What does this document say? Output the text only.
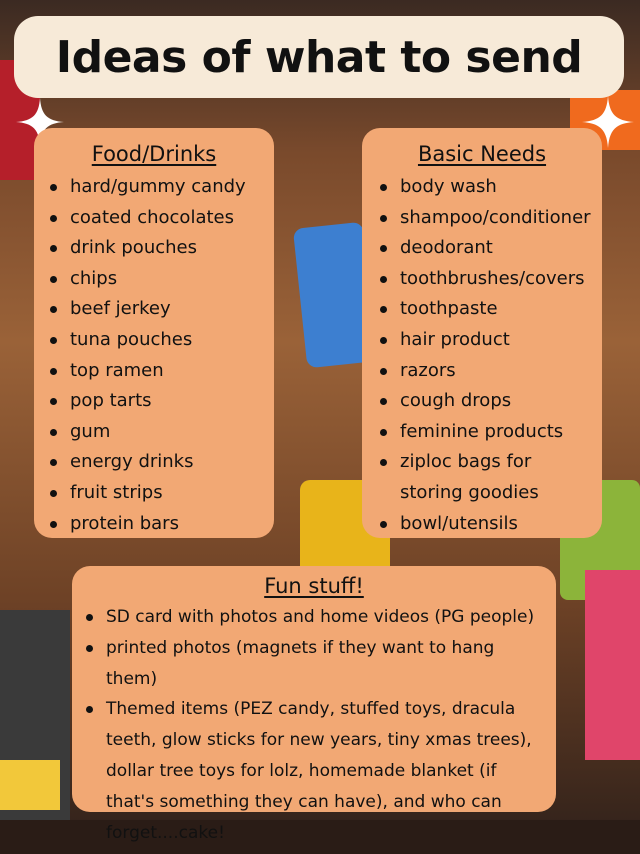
Ideas of what to send
Food/Drinks
hard/gummy candy
coated chocolates
drink pouches
chips
beef jerkey
tuna pouches
top ramen
pop tarts
gum
energy drinks
fruit strips
protein bars
Basic Needs
body wash
shampoo/conditioner
deodorant
toothbrushes/covers
toothpaste
hair product
razors
cough drops
feminine products
ziploc bags for storing goodies
bowl/utensils
Fun stuff!
SD card with photos and home videos (PG people)
printed photos (magnets if they want to hang them)
Themed items (PEZ candy, stuffed toys, dracula teeth, glow sticks for new years, tiny xmas trees), dollar tree toys for lolz, homemade blanket (if that's something they can have), and who can forget....cake!
